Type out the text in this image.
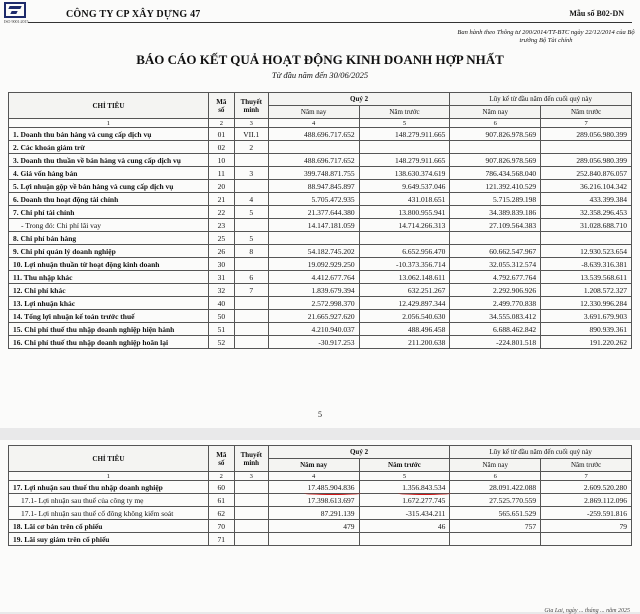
ISO 9001:2015
CÔNG TY CP XÂY DỰNG 47	Mẫu số B02-DN
Ban hành theo Thông tư 200/2014/TT-BTC ngày 22/12/2014 của Bộ trưởng Bộ Tài chính
BÁO CÁO KẾT QUẢ HOẠT ĐỘNG KINH DOANH HỢP NHẤT
Từ đầu năm đến 30/06/2025
CHỈ TIÊU	Mã số	Thuyết minh	Quý 2		Lũy kế từ đầu năm đến cuối quý này	
			Năm nay	Năm trước	Năm nay	Năm trước
1	2	3	4	5	6	7
1. Doanh thu bán hàng và cung cấp dịch vụ	01	VII.1	488.696.717.652	148.279.911.665	907.826.978.569	289.056.980.399
2. Các khoản giảm trừ	02	2				
3. Doanh thu thuần về bán hàng và cung cấp dịch vụ	10		488.696.717.652	148.279.911.665	907.826.978.569	289.056.980.399
4. Giá vốn hàng bán	11	3	399.748.871.755	138.630.374.619	786.434.568.040	252.840.876.057
5. Lợi nhuận gộp về bán hàng và cung cấp dịch vụ	20		88.947.845.897	9.649.537.046	121.392.410.529	36.216.104.342
6. Doanh thu hoạt động tài chính	21	4	5.705.472.935	431.018.651	5.715.289.198	433.399.384
7. Chi phí tài chính	22	5	21.377.644.380	13.800.955.941	34.389.839.186	32.358.296.453
- Trong đó: Chi phí lãi vay	23		14.147.181.059	14.714.266.313	27.109.564.383	31.028.688.710
8. Chi phí bán hàng	25	5				
9. Chi phí quản lý doanh nghiệp	26	8	54.182.745.202	6.652.956.470	60.662.547.967	12.930.523.654
10. Lợi nhuận thuần từ hoạt động kinh doanh	30		19.092.929.250	-10.373.356.714	32.055.312.574	-8.639.316.381
11. Thu nhập khác	31	6	4.412.677.764	13.062.148.611	4.792.677.764	13.539.568.611
12. Chi phí khác	32	7	1.839.679.394	632.251.267	2.292.906.926	1.208.572.327
13. Lợi nhuận khác	40		2.572.998.370	12.429.897.344	2.499.770.838	12.330.996.284
14. Tổng lợi nhuận kế toán trước thuế	50		21.665.927.620	2.056.540.630	34.555.083.412	3.691.679.903
15. Chi phí thuế thu nhập doanh nghiệp hiện hành	51		4.210.940.037	488.496.458	6.688.462.842	890.939.361
16. Chi phí thuế thu nhập doanh nghiệp hoãn lại	52		-30.917.253	211.200.638	-224.801.518	191.220.262
5
CHỈ TIÊU	Mã số	Thuyết minh	Quý 2		Lũy kế từ đầu năm đến cuối quý này	
			Năm nay	Năm trước	Năm nay	Năm trước
1	2	3	4	5	6	7
17. Lợi nhuận sau thuế thu nhập doanh nghiệp	60		17.485.904.836	1.356.843.534	28.091.422.088	2.609.520.280
17.1- Lợi nhuận sau thuế của công ty mẹ	61		17.398.613.697	1.672.277.745	27.525.770.559	2.869.112.096
17.1- Lợi nhuận sau thuế cổ đông không kiểm soát	62		87.291.139	-315.434.211	565.651.529	-259.591.816
18. Lãi cơ bản trên cổ phiếu	70		479	46	757	79
19. Lãi suy giảm trên cổ phiếu	71					
Gia Lai, ngày ... tháng ... năm 2025
